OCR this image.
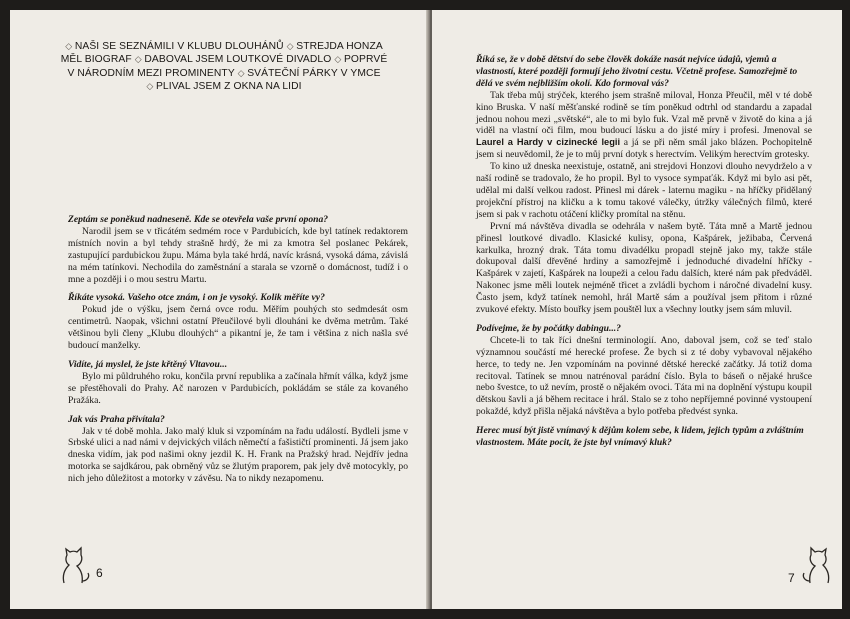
◇ NAŠI SE SEZNÁMILI V KLUBU DLOUHÁNŮ ◇ STREJDA HONZA
MĚL BIOGRAF ◇ DABOVAL JSEM LOUTKOVÉ DIVADLO ◇ POPRVÉ
V NÁRODNÍM MEZI PROMINENTY ◇ SVÁTEČNÍ PÁRKY V YMCE
◇ PLIVAL JSEM Z OKNA NA LIDI
Zeptám se poněkud nadneseně. Kde se otevřela vaše první opona?
Narodil jsem se v třicátém sedmém roce v Pardubicích, kde byl tatínek redaktorem místních novin a byl tehdy strašně hrdý, že mi za kmotra šel poslanec Pekárek, zastupující pardubickou župu. Máma byla také hrdá, navíc krásná, vysoká dáma, závislá na mém tatínkovi. Nechodila do zaměstnání a starala se vzorně o domácnost, tudíž i o mne a později i o mou sestru Martu.
Říkáte vysoká. Vašeho otce znám, i on je vysoký. Kolik měříte vy?
Pokud jde o výšku, jsem černá ovce rodu. Měřím pouhých sto sedmdesát osm centimetrů. Naopak, všichni ostatní Přeučilové byli dlouháni ke dvěma metrům. Také většinou byli členy „Klubu dlouhých“ a pikantní je, že tam i většina z nich našla své budoucí manželky.
Vidíte, já myslel, že jste křtěný Vltavou...
Bylo mi půldruhého roku, končila první republika a začínala hřmít válka, když jsme se přestěhovali do Prahy. Ač narozen v Pardubicích, pokládám se stále za kovaného Pražáka.
Jak vás Praha přivítala?
Jak v té době mohla. Jako malý kluk si vzpomínám na řadu událostí. Bydleli jsme v Srbské ulici a nad námi v dejvických vilách němečtí a fašističtí prominenti. Já jsem jako dneska vidím, jak pod našimi okny jezdil K. H. Frank na Pražský hrad. Nejdřív jedna motorka se sajdkárou, pak obrněný vůz se žlutým praporem, pak jely dvě motocykly, po nich jeho důležitost a motorky v závěsu. Na to nikdy nezapomenu.
6
Říká se, že v době dětství do sebe člověk dokáže nasát nejvíce údajů, vjemů a vlastností, které později formují jeho životní cestu. Včetně profese. Samozřejmě to dělá ve svém nejbližším okolí. Kdo formoval vás?
Tak třeba můj strýček, kterého jsem strašně miloval, Honza Přeučil, měl v té době kino Bruska. V naší měšťanské rodině se tím poněkud odtrhl od standardu a zapadal jednou nohou mezi „světské“, ale to mi bylo fuk. Vzal mě prvně v životě do kina a já viděl na vlastní oči film, mou budoucí lásku a do jisté míry i profesi. Jmenoval se Laurel a Hardy v cizinecké legii a já se při něm smál jako blázen. Pochopitelně jsem si neuvědomil, že je to můj první dotyk s herectvím. Velikým herectvím grotesky.
To kino už dneska neexistuje, ostatně, ani strejdovi Honzovi dlouho nevydrželo a v naší rodině se tradovalo, že ho propil. Byl to vysoce sympaťák. Když mi bylo asi pět, udělal mi další velkou radost. Přinesl mi dárek - laternu magiku - na hříčky přidělaný projekční přístroj na kličku a k tomu takové válečky, útržky válečných filmů, které jsem si pak v rachotu otáčení kličky promítal na stěnu.
První má návštěva divadla se odehrála v našem bytě. Táta mně a Martě jednou přinesl loutkové divadlo. Klasické kulisy, opona, Kašpárek, ježibaba, Červená karkulka, hrozný drak. Táta tomu divadélku propadl stejně jako my, takže stále dokupoval další dřevěné hrdiny a samozřejmě i jednoduché divadelní hříčky - Kašpárek v zajetí, Kašpárek na loupeži a celou řadu dalších, které nám pak předváděl. Nakonec jsme měli loutek nejméně třicet a zvládli bychom i náročné divadelní kusy. Často jsem, když tatínek nemohl, hrál Martě sám a používal jsem přitom i různé zvukové efekty. Místo bouřky jsem pouštěl lux a všechny loutky jsem sám mluvil.
Podívejme, že by počátky dabingu...?
Chcete-li to tak říci dnešní terminologií. Ano, daboval jsem, což se teď stalo významnou součástí mé herecké profese. Že bych si z té doby vybavoval nějakého herce, to tedy ne. Jen vzpomínám na povinné dětské herecké začátky. Já totiž doma recitoval. Tatínek se mnou natrénoval parádní číslo. Byla to báseň o nějaké hrušce nebo švestce, to už nevím, prostě o nějakém ovoci. Táta mi na doplnění výstupu koupil dětskou šavli a já během recitace i hrál. Stalo se z toho nepříjemné povinné vystoupení pokaždé, když přišla nějaká návštěva a bylo potřeba předvést synka.
Herec musí být jistě vnímavý k dějům kolem sebe, k lidem, jejich typům a zvláštním vlastnostem. Máte pocit, že jste byl vnímavý kluk?
7
